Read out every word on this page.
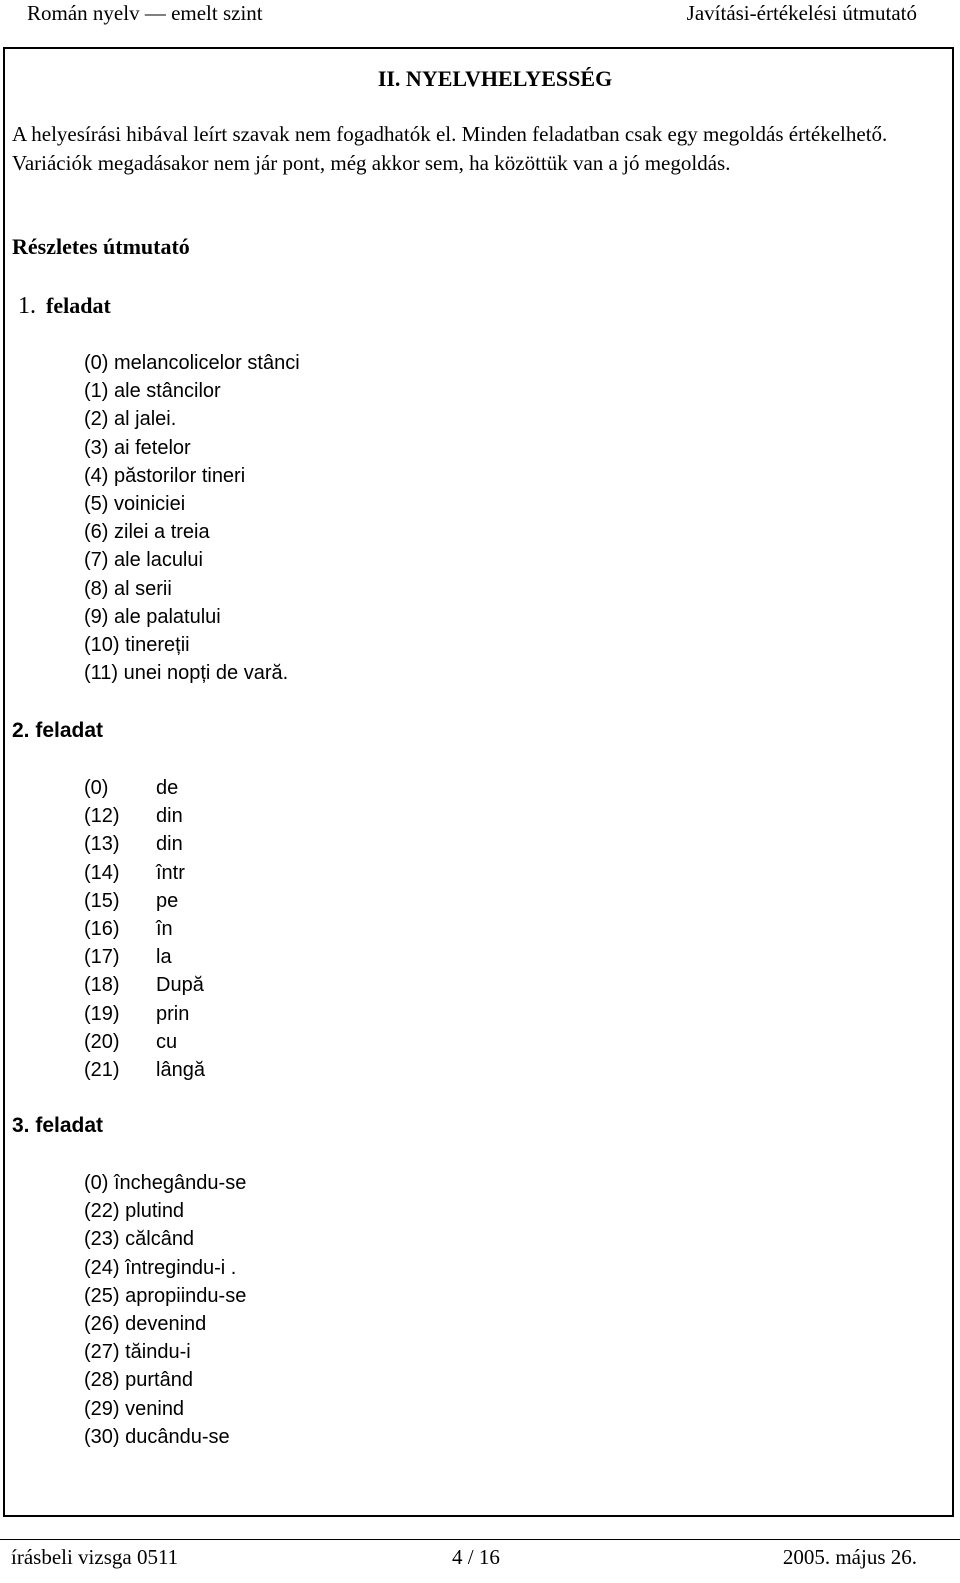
Román nyelv — emelt szint	Javítási-értékelési útmutató
II. NYELVHELYESSÉG
A helyesírási hibával leírt szavak nem fogadhatók el. Minden feladatban csak egy megoldás értékelhető. Variációk megadásakor nem jár pont, még akkor sem, ha közöttük van a jó megoldás.
Részletes útmutató
1. feladat
(0) melancolicelor stânci
(1) ale stâncilor
(2) al jalei.
(3) ai fetelor
(4) păstorilor tineri
(5) voiniciei
(6) zilei a treia
(7) ale lacului
(8) al serii
(9) ale palatului
(10) tinereții
(11) unei nopți de vară.
2. feladat
(0) de
(12) din
(13) din
(14) într
(15) pe
(16) în
(17) la
(18) După
(19) prin
(20) cu
(21) lângă
3. feladat
(0) închegându-se
(22) plutind
(23) călcând
(24) întregindu-i .
(25) apropiindu-se
(26) devenind
(27) tăindu-i
(28) purtând
(29) venind
(30) ducându-se
írásbeli vizsga 0511	4 / 16	2005. május 26.
